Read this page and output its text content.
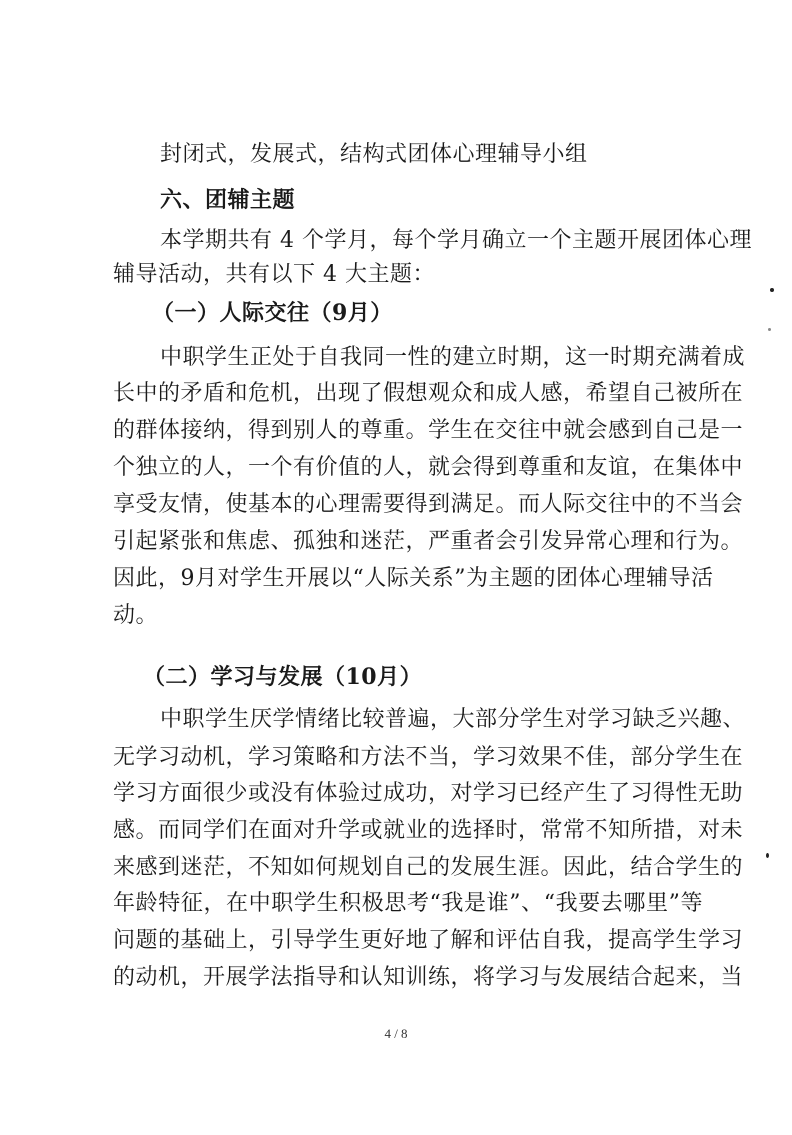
封闭式，发展式，结构式团体心理辅导小组
六、团辅主题
本学期共有 4 个学月，每个学月确立一个主题开展团体心理
辅导活动，共有以下 4 大主题：
（一）人际交往（9月）
中职学生正处于自我同一性的建立时期，这一时期充满着成
长中的矛盾和危机，出现了假想观众和成人感，希望自己被所在
的群体接纳，得到别人的尊重。学生在交往中就会感到自己是一
个独立的人，一个有价值的人，就会得到尊重和友谊，在集体中
享受友情，使基本的心理需要得到满足。而人际交往中的不当会
引起紧张和焦虑、孤独和迷茫，严重者会引发异常心理和行为。
因此，9月对学生开展以“人际关系”为主题的团体心理辅导活
动。
（二）学习与发展（10月）
中职学生厌学情绪比较普遍，大部分学生对学习缺乏兴趣、
无学习动机，学习策略和方法不当，学习效果不佳，部分学生在
学习方面很少或没有体验过成功，对学习已经产生了习得性无助
感。而同学们在面对升学或就业的选择时，常常不知所措，对未
来感到迷茫，不知如何规划自己的发展生涯。因此，结合学生的
年龄特征，在中职学生积极思考“我是谁”、“我要去哪里”等
问题的基础上，引导学生更好地了解和评估自我，提高学生学习
的动机，开展学法指导和认知训练，将学习与发展结合起来，当
4 / 8
